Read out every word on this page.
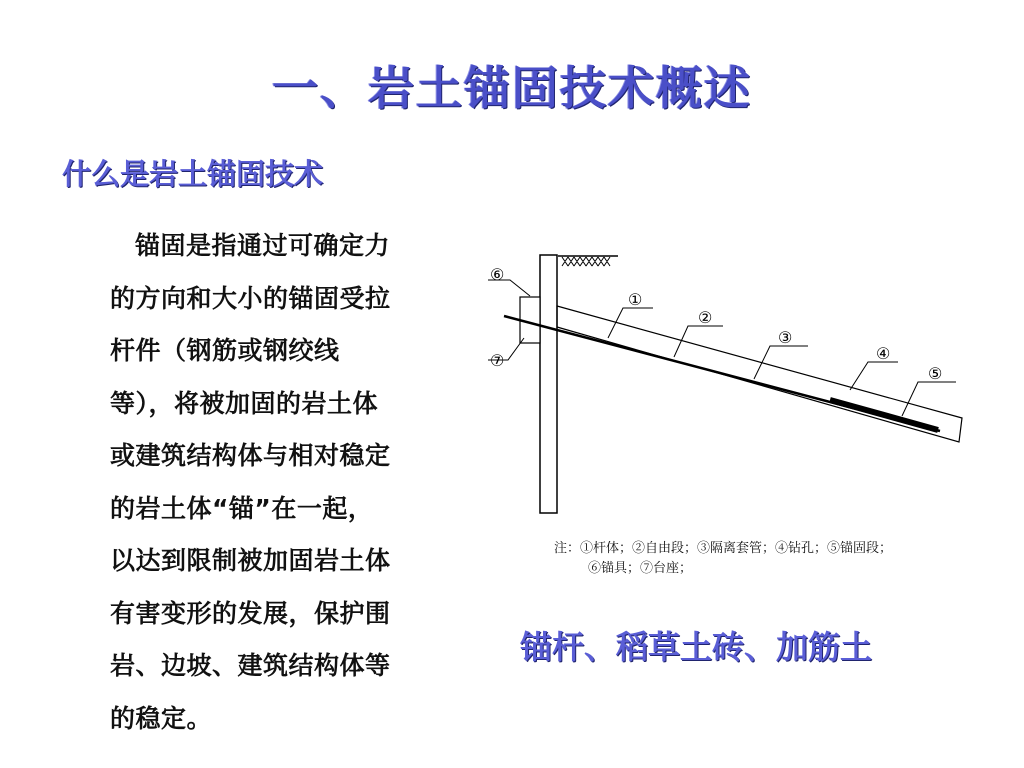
一、岩土锚固技术概述
什么是岩土锚固技术
锚固是指通过可确定力的方向和大小的锚固受拉杆件（钢筋或钢绞线等），将被加固的岩土体或建筑结构体与相对稳定的岩土体“锚”在一起，以达到限制被加固岩土体有害变形的发展，保护围岩、边坡、建筑结构体等的稳定。
⑥
⑦
①
②
③
④
⑤
注：①杆体；②自由段；③隔离套管；④钻孔；⑤锚固段；
⑥锚具；⑦台座；
锚杆、稻草土砖、加筋土
